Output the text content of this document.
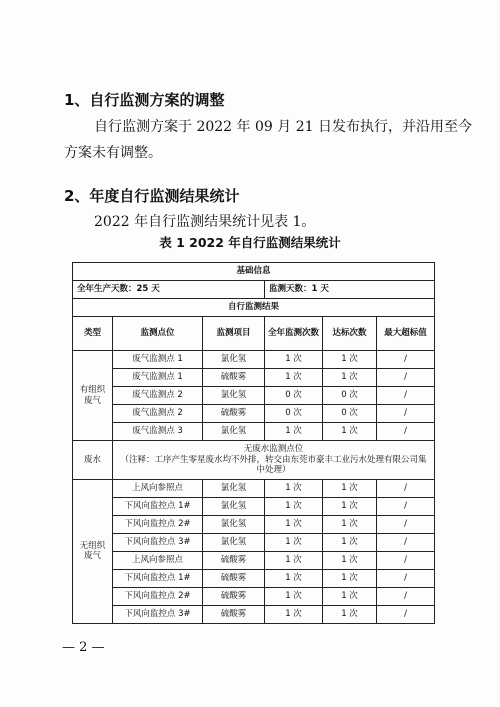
1、自行监测方案的调整
自行监测方案于 2022 年 09 月 21 日发布执行，并沿用至今
方案未有调整。
2、年度自行监测结果统计
2022 年自行监测结果统计见表 1。
表 1 2022 年自行监测结果统计
基础信息					
全年生产天数：25 天			监测天数：1 天		
自行监测结果					
类型	监测点位	监测项目	全年监测次数	达标次数	最大超标值
有组织废气	废气监测点 1	氯化氢	1 次	1 次	/
	废气监测点 1	硫酸雾	1 次	1 次	/
	废气监测点 2	氯化氢	0 次	0 次	/
	废气监测点 2	硫酸雾	0 次	0 次	/
	废气监测点 3	氯化氢	1 次	1 次	/
废水	无废水监测点位
（注释：工序产生零星废水均不外排，转交由东莞市豪丰工业污水处理有限公司集中处理）				

无组织废气	上风向参照点	氯化氢	1 次	1 次	/
	下风向监控点 1#	氯化氢	1 次	1 次	/
	下风向监控点 2#	氯化氢	1 次	1 次	/
	下风向监控点 3#	氯化氢	1 次	1 次	/
	上风向参照点	硫酸雾	1 次	1 次	/
	下风向监控点 1#	硫酸雾	1 次	1 次	/
	下风向监控点 2#	硫酸雾	1 次	1 次	/
	下风向监控点 3#	硫酸雾	1 次	1 次	/
— 2 —
